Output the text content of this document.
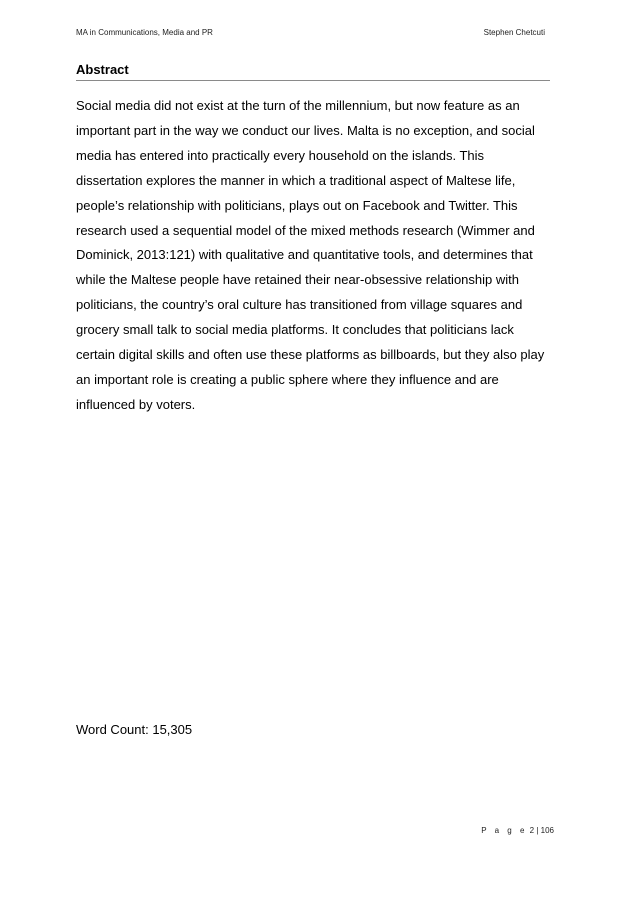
MA in Communications, Media and PR	Stephen Chetcuti
Abstract

Social media did not exist at the turn of the millennium, but now feature as an
important part in the way we conduct our lives. Malta is no exception, and social
media has entered into practically every household on the islands. This
dissertation explores the manner in which a traditional aspect of Maltese life,
people’s relationship with politicians, plays out on Facebook and Twitter. This
research used a sequential model of the mixed methods research (Wimmer and
Dominick, 2013:121) with qualitative and quantitative tools, and determines that
while the Maltese people have retained their near-obsessive relationship with
politicians, the country’s oral culture has transitioned from village squares and
grocery small talk to social media platforms. It concludes that politicians lack
certain digital skills and often use these platforms as billboards, but they also play
an important role is creating a public sphere where they influence and are
influenced by voters.

Word Count: 15,305
P a g e 2 | 106
